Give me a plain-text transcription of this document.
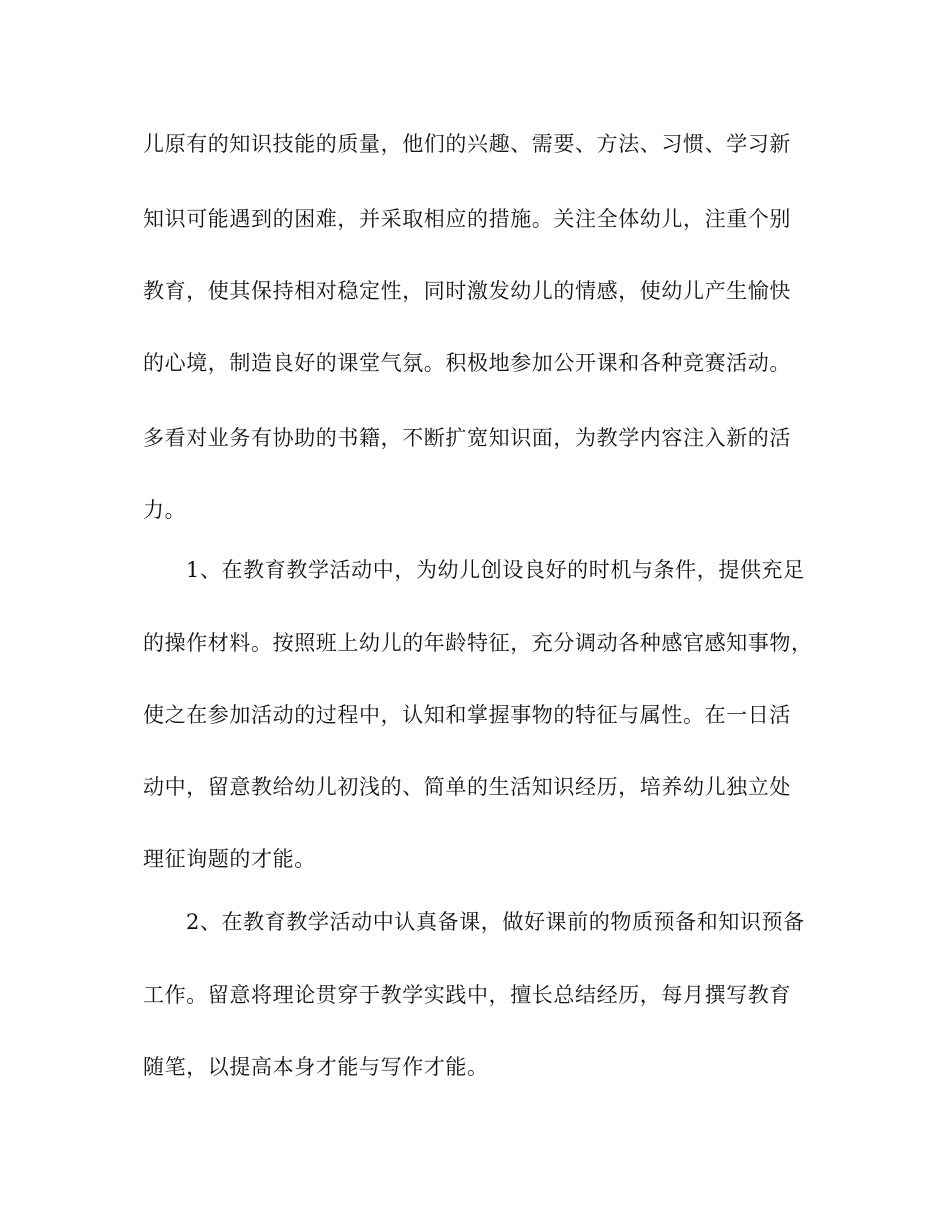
儿原有的知识技能的质量，他们的兴趣、需要、方法、习惯、学习新
知识可能遇到的困难，并采取相应的措施。关注全体幼儿，注重个别
教育，使其保持相对稳定性，同时激发幼儿的情感，使幼儿产生愉快
的心境，制造良好的课堂气氛。积极地参加公开课和各种竞赛活动。
多看对业务有协助的书籍，不断扩宽知识面，为教学内容注入新的活
力。
1、在教育教学活动中，为幼儿创设良好的时机与条件，提供充足
的操作材料。按照班上幼儿的年龄特征，充分调动各种感官感知事物，
使之在参加活动的过程中，认知和掌握事物的特征与属性。在一日活
动中，留意教给幼儿初浅的、简单的生活知识经历，培养幼儿独立处
理征询题的才能。
2、在教育教学活动中认真备课，做好课前的物质预备和知识预备
工作。留意将理论贯穿于教学实践中，擅长总结经历，每月撰写教育
随笔，以提高本身才能与写作才能。
